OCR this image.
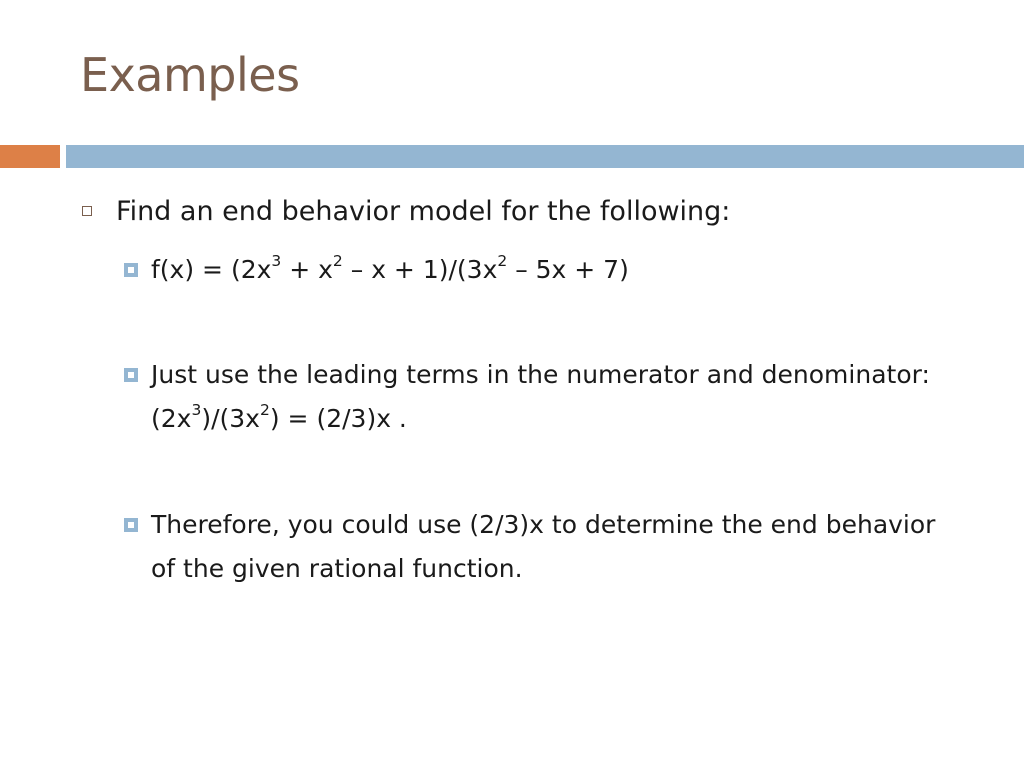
Examples
Find an end behavior model for the following:
$f(x) = (2x^3 + x^2 - x + 1)/(3x^2 - 5x + 7)$
Just use the leading terms in the numerator and denominator: $(2x^3)/(3x^2) = (2/3)x$ .
Therefore, you could use (2/3)x to determine the end behavior of the given rational function.
